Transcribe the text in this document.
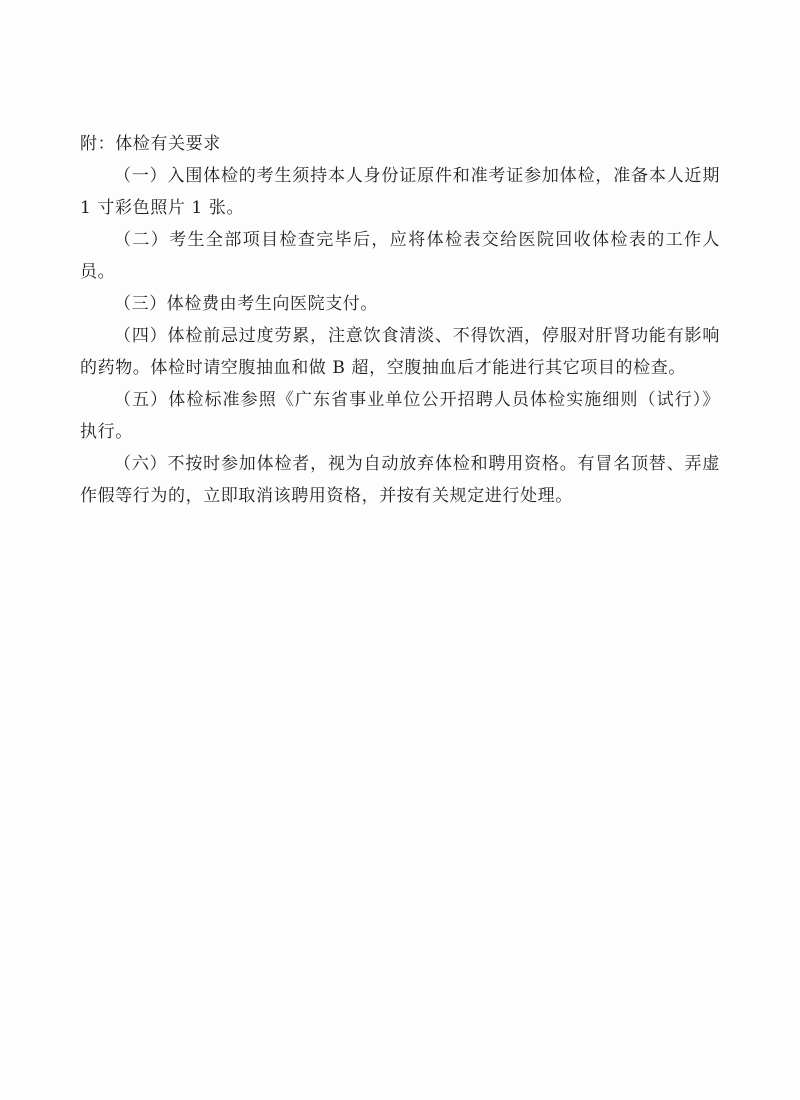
附：体检有关要求

（一）入围体检的考生须持本人身份证原件和准考证参加体检，准备本人近期 1 寸彩色照片 1 张。

（二）考生全部项目检查完毕后，应将体检表交给医院回收体检表的工作人员。

（三）体检费由考生向医院支付。

（四）体检前忌过度劳累，注意饮食清淡、不得饮酒，停服对肝肾功能有影响的药物。体检时请空腹抽血和做 B 超，空腹抽血后才能进行其它项目的检查。

（五）体检标准参照《广东省事业单位公开招聘人员体检实施细则（试行）》执行。

（六）不按时参加体检者，视为自动放弃体检和聘用资格。有冒名顶替、弄虚作假等行为的，立即取消该聘用资格，并按有关规定进行处理。
